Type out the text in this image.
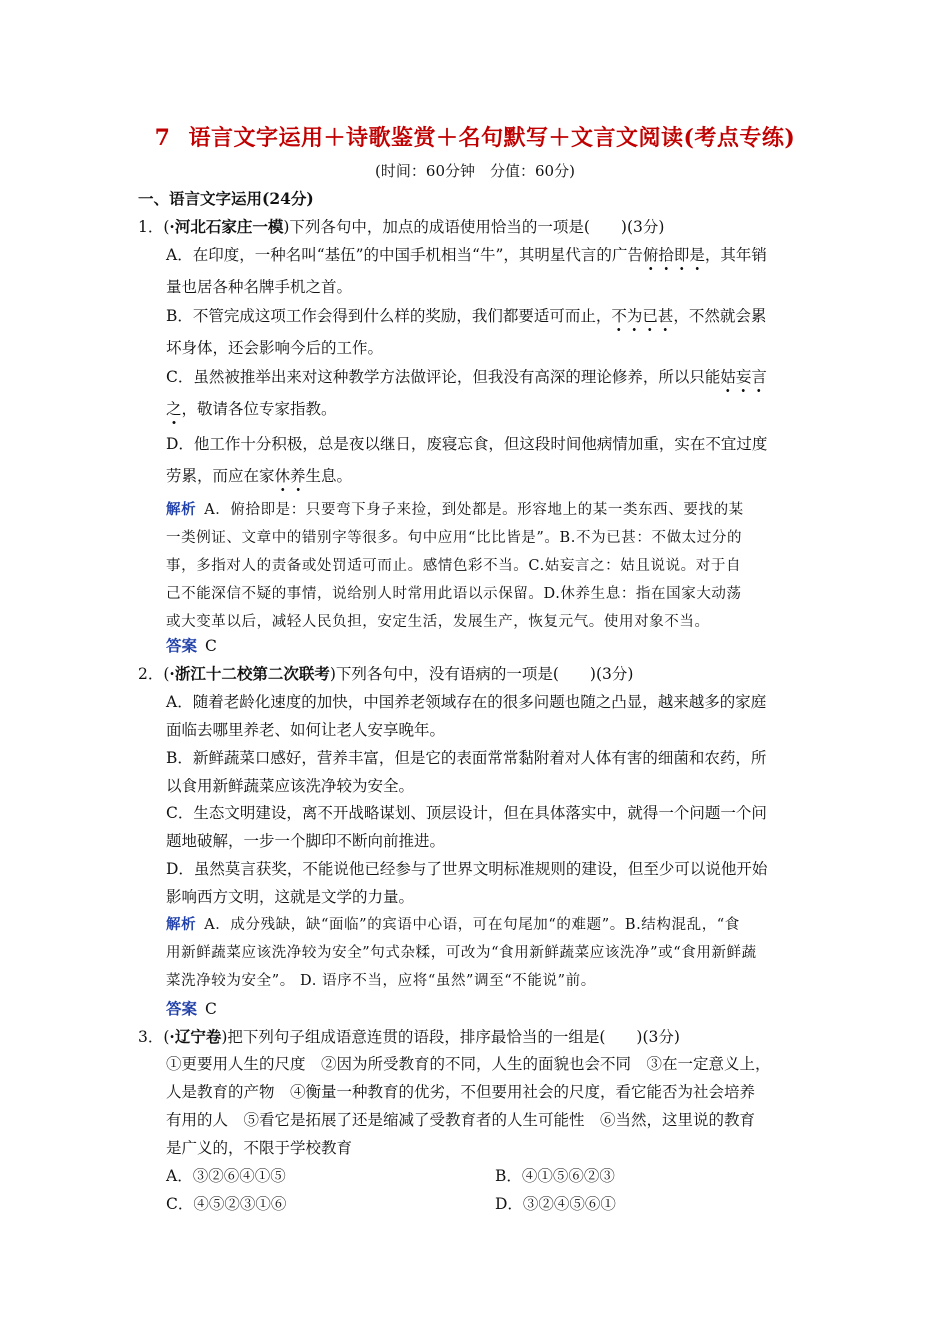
7 语言文字运用＋诗歌鉴赏＋名句默写＋文言文阅读(考点专练)
(时间：60分钟　分值：60分)
一、语言文字运用(24分)
1．(·河北石家庄一模)下列各句中，加点的成语使用恰当的一项是(　　)(3分)
A．在印度，一种名叫“基伍”的中国手机相当“牛”，其明星代言的广告俯拾即是，其年销
量也居各种名牌手机之首。
B．不管完成这项工作会得到什么样的奖励，我们都要适可而止，不为已甚，不然就会累
坏身体，还会影响今后的工作。
C．虽然被推举出来对这种教学方法做评论，但我没有高深的理论修养，所以只能姑妄言
之，敬请各位专家指教。
D．他工作十分积极，总是夜以继日，废寝忘食，但这段时间他病情加重，实在不宜过度
劳累，而应在家休养生息。
解析 A．俯拾即是：只要弯下身子来捡，到处都是。形容地上的某一类东西、要找的某
一类例证、文章中的错别字等很多。句中应用“比比皆是”。B.不为已甚：不做太过分的
事，多指对人的责备或处罚适可而止。感情色彩不当。C.姑妄言之：姑且说说。对于自
己不能深信不疑的事情，说给别人时常用此语以示保留。D.休养生息：指在国家大动荡
或大变革以后，减轻人民负担，安定生活，发展生产，恢复元气。使用对象不当。
答案 C
2．(·浙江十二校第二次联考)下列各句中，没有语病的一项是(　　)(3分)
A．随着老龄化速度的加快，中国养老领域存在的很多问题也随之凸显，越来越多的家庭
面临去哪里养老、如何让老人安享晚年。
B．新鲜蔬菜口感好，营养丰富，但是它的表面常常黏附着对人体有害的细菌和农药，所
以食用新鲜蔬菜应该洗净较为安全。
C．生态文明建设，离不开战略谋划、顶层设计，但在具体落实中，就得一个问题一个问
题地破解，一步一个脚印不断向前推进。
D．虽然莫言获奖，不能说他已经参与了世界文明标准规则的建设，但至少可以说他开始
影响西方文明，这就是文学的力量。
解析 A．成分残缺，缺“面临”的宾语中心语，可在句尾加“的难题”。B.结构混乱，“食
用新鲜蔬菜应该洗净较为安全”句式杂糅，可改为“食用新鲜蔬菜应该洗净”或“食用新鲜蔬
菜洗净较为安全”。 D. 语序不当，应将“虽然”调至“不能说”前。
答案 C
3．(·辽宁卷)把下列句子组成语意连贯的语段，排序最恰当的一组是(　　)(3分)
①更要用人生的尺度　②因为所受教育的不同，人生的面貌也会不同　③在一定意义上，
人是教育的产物　④衡量一种教育的优劣，不但要用社会的尺度，看它能否为社会培养
有用的人　⑤看它是拓展了还是缩减了受教育者的人生可能性　⑥当然，这里说的教育
是广义的，不限于学校教育
A．③②⑥④①⑤	B．④①⑤⑥②③
C．④⑤②③①⑥	D．③②④⑤⑥①
